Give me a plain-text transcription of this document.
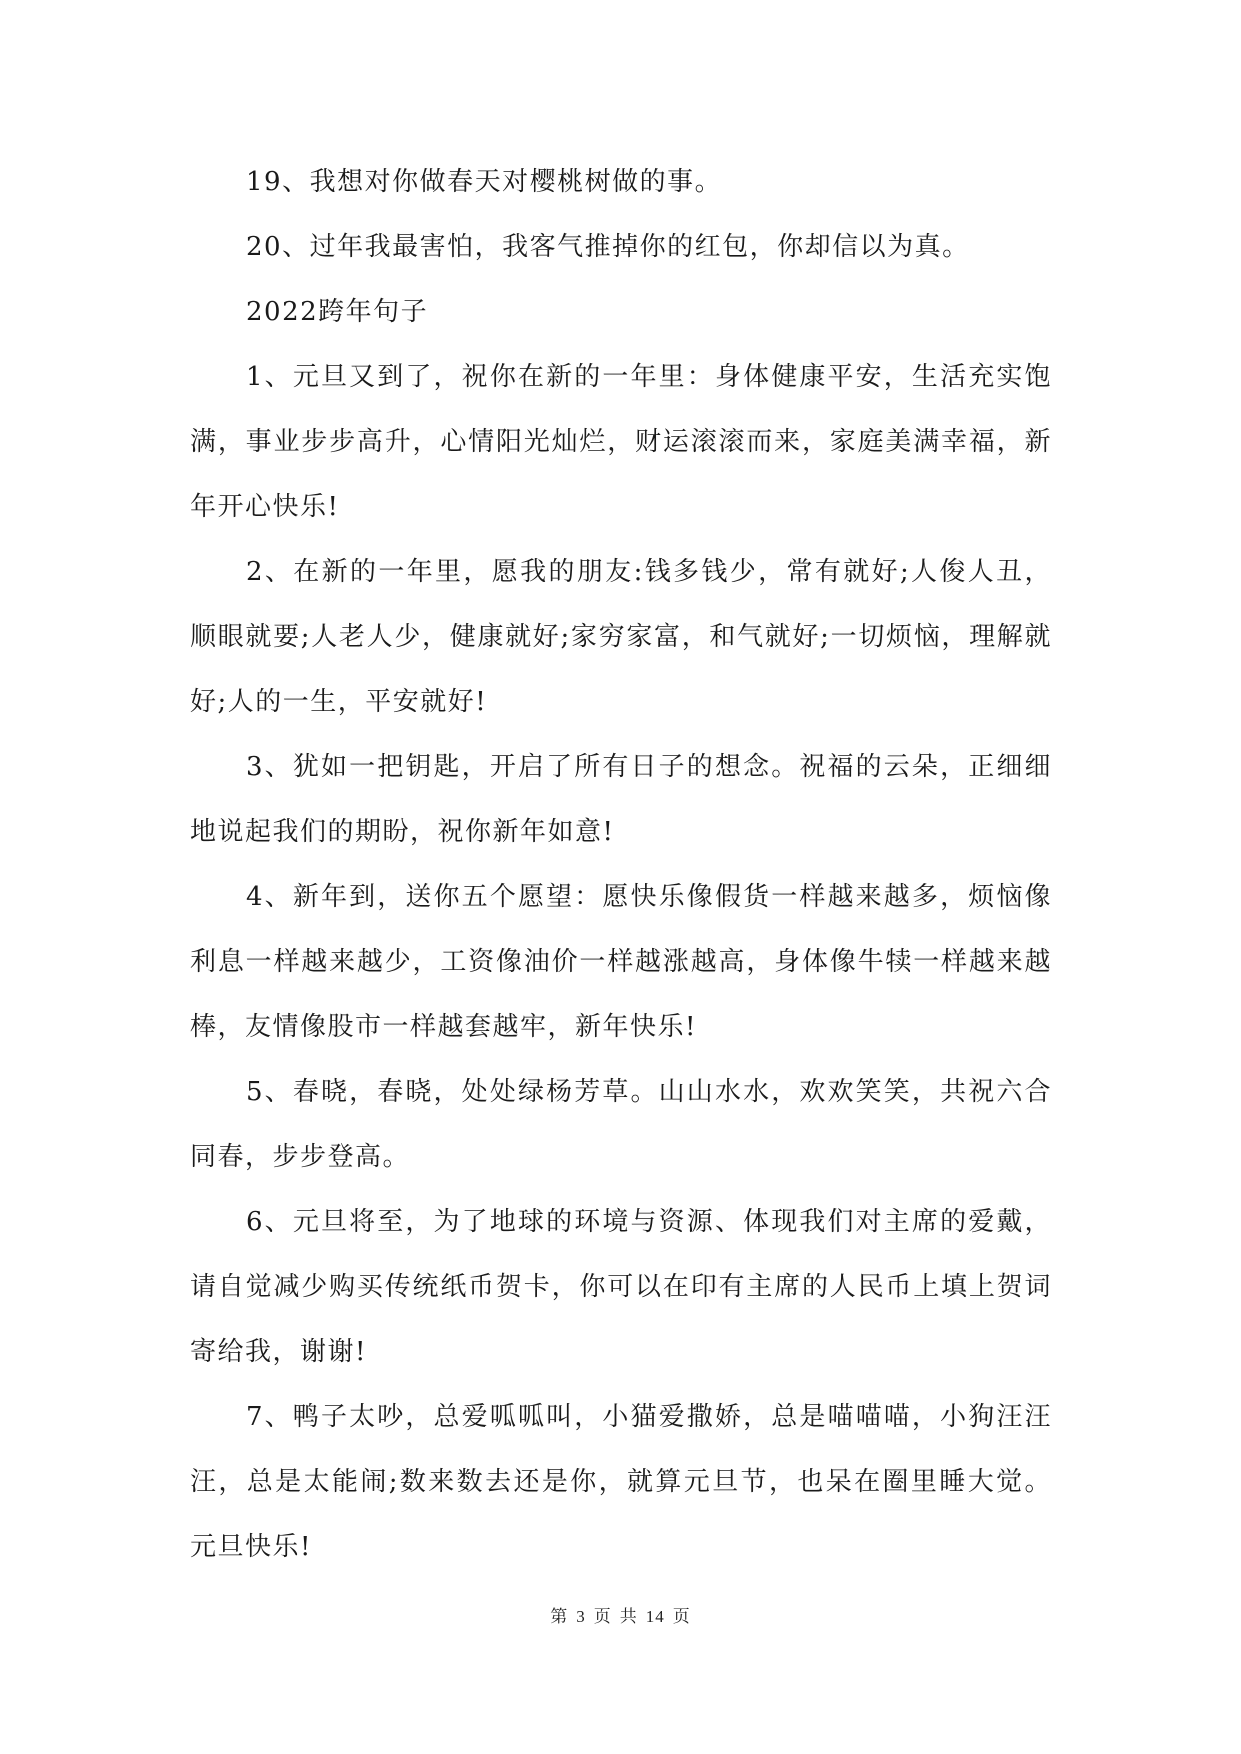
19、我想对你做春天对樱桃树做的事。

20、过年我最害怕，我客气推掉你的红包，你却信以为真。

2022跨年句子

1、元旦又到了，祝你在新的一年里：身体健康平安，生活充实饱满，事业步步高升，心情阳光灿烂，财运滚滚而来，家庭美满幸福，新年开心快乐!

2、在新的一年里，愿我的朋友:钱多钱少，常有就好;人俊人丑，顺眼就要;人老人少，健康就好;家穷家富，和气就好;一切烦恼，理解就好;人的一生，平安就好!

3、犹如一把钥匙，开启了所有日子的想念。祝福的云朵，正细细地说起我们的期盼，祝你新年如意!

4、新年到，送你五个愿望：愿快乐像假货一样越来越多，烦恼像利息一样越来越少，工资像油价一样越涨越高，身体像牛犊一样越来越棒，友情像股市一样越套越牢，新年快乐!

5、春晓，春晓，处处绿杨芳草。山山水水，欢欢笑笑，共祝六合同春，步步登高。

6、元旦将至，为了地球的环境与资源、体现我们对主席的爱戴，请自觉减少购买传统纸币贺卡，你可以在印有主席的人民币上填上贺词寄给我，谢谢!

7、鸭子太吵，总爱呱呱叫，小猫爱撒娇，总是喵喵喵，小狗汪汪汪，总是太能闹;数来数去还是你，就算元旦节，也呆在圈里睡大觉。元旦快乐!

第 3 页 共 14 页
